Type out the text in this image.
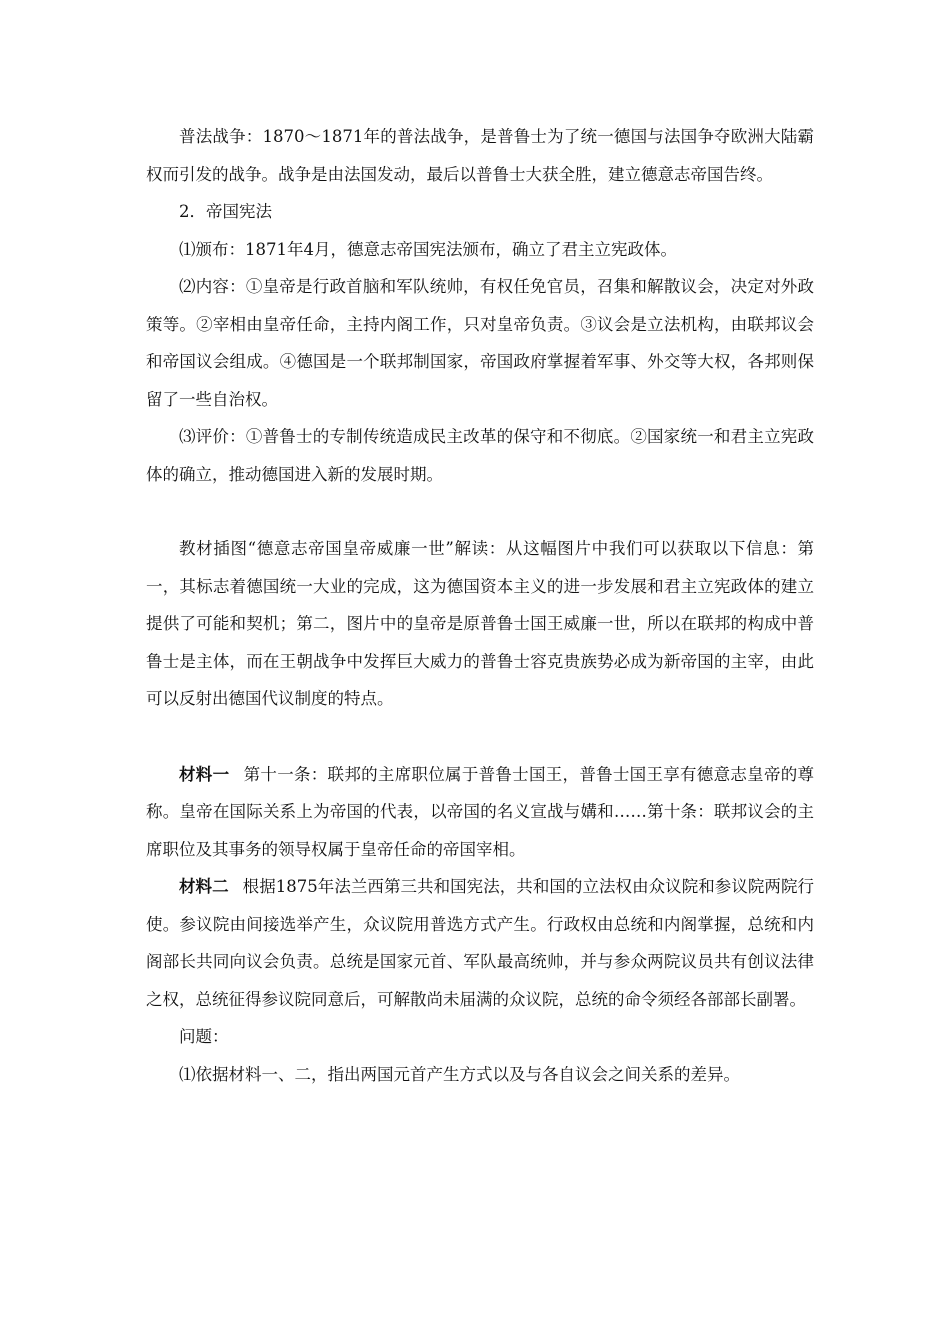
普法战争：1870～1871年的普法战争，是普鲁士为了统一德国与法国争夺欧洲大陆霸权而引发的战争。战争是由法国发动，最后以普鲁士大获全胜，建立德意志帝国告终。

2．帝国宪法

⑴颁布：1871年4月，德意志帝国宪法颁布，确立了君主立宪政体。

⑵内容：①皇帝是行政首脑和军队统帅，有权任免官员，召集和解散议会，决定对外政策等。②宰相由皇帝任命，主持内阁工作，只对皇帝负责。③议会是立法机构，由联邦议会和帝国议会组成。④德国是一个联邦制国家，帝国政府掌握着军事、外交等大权，各邦则保留了一些自治权。

⑶评价：①普鲁士的专制传统造成民主改革的保守和不彻底。②国家统一和君主立宪政体的确立，推动德国进入新的发展时期。

教材插图“德意志帝国皇帝威廉一世”解读：从这幅图片中我们可以获取以下信息：第一，其标志着德国统一大业的完成，这为德国资本主义的进一步发展和君主立宪政体的建立提供了可能和契机；第二，图片中的皇帝是原普鲁士国王威廉一世，所以在联邦的构成中普鲁士是主体，而在王朝战争中发挥巨大威力的普鲁士容克贵族势必成为新帝国的主宰，由此可以反射出德国代议制度的特点。

材料一 第十一条：联邦的主席职位属于普鲁士国王，普鲁士国王享有德意志皇帝的尊称。皇帝在国际关系上为帝国的代表，以帝国的名义宣战与媾和……第十条：联邦议会的主席职位及其事务的领导权属于皇帝任命的帝国宰相。

材料二 根据1875年法兰西第三共和国宪法，共和国的立法权由众议院和参议院两院行使。参议院由间接选举产生，众议院用普选方式产生。行政权由总统和内阁掌握，总统和内阁部长共同向议会负责。总统是国家元首、军队最高统帅，并与参众两院议员共有创议法律之权，总统征得参议院同意后，可解散尚未届满的众议院，总统的命令须经各部部长副署。

问题：

⑴依据材料一、二，指出两国元首产生方式以及与各自议会之间关系的差异。
